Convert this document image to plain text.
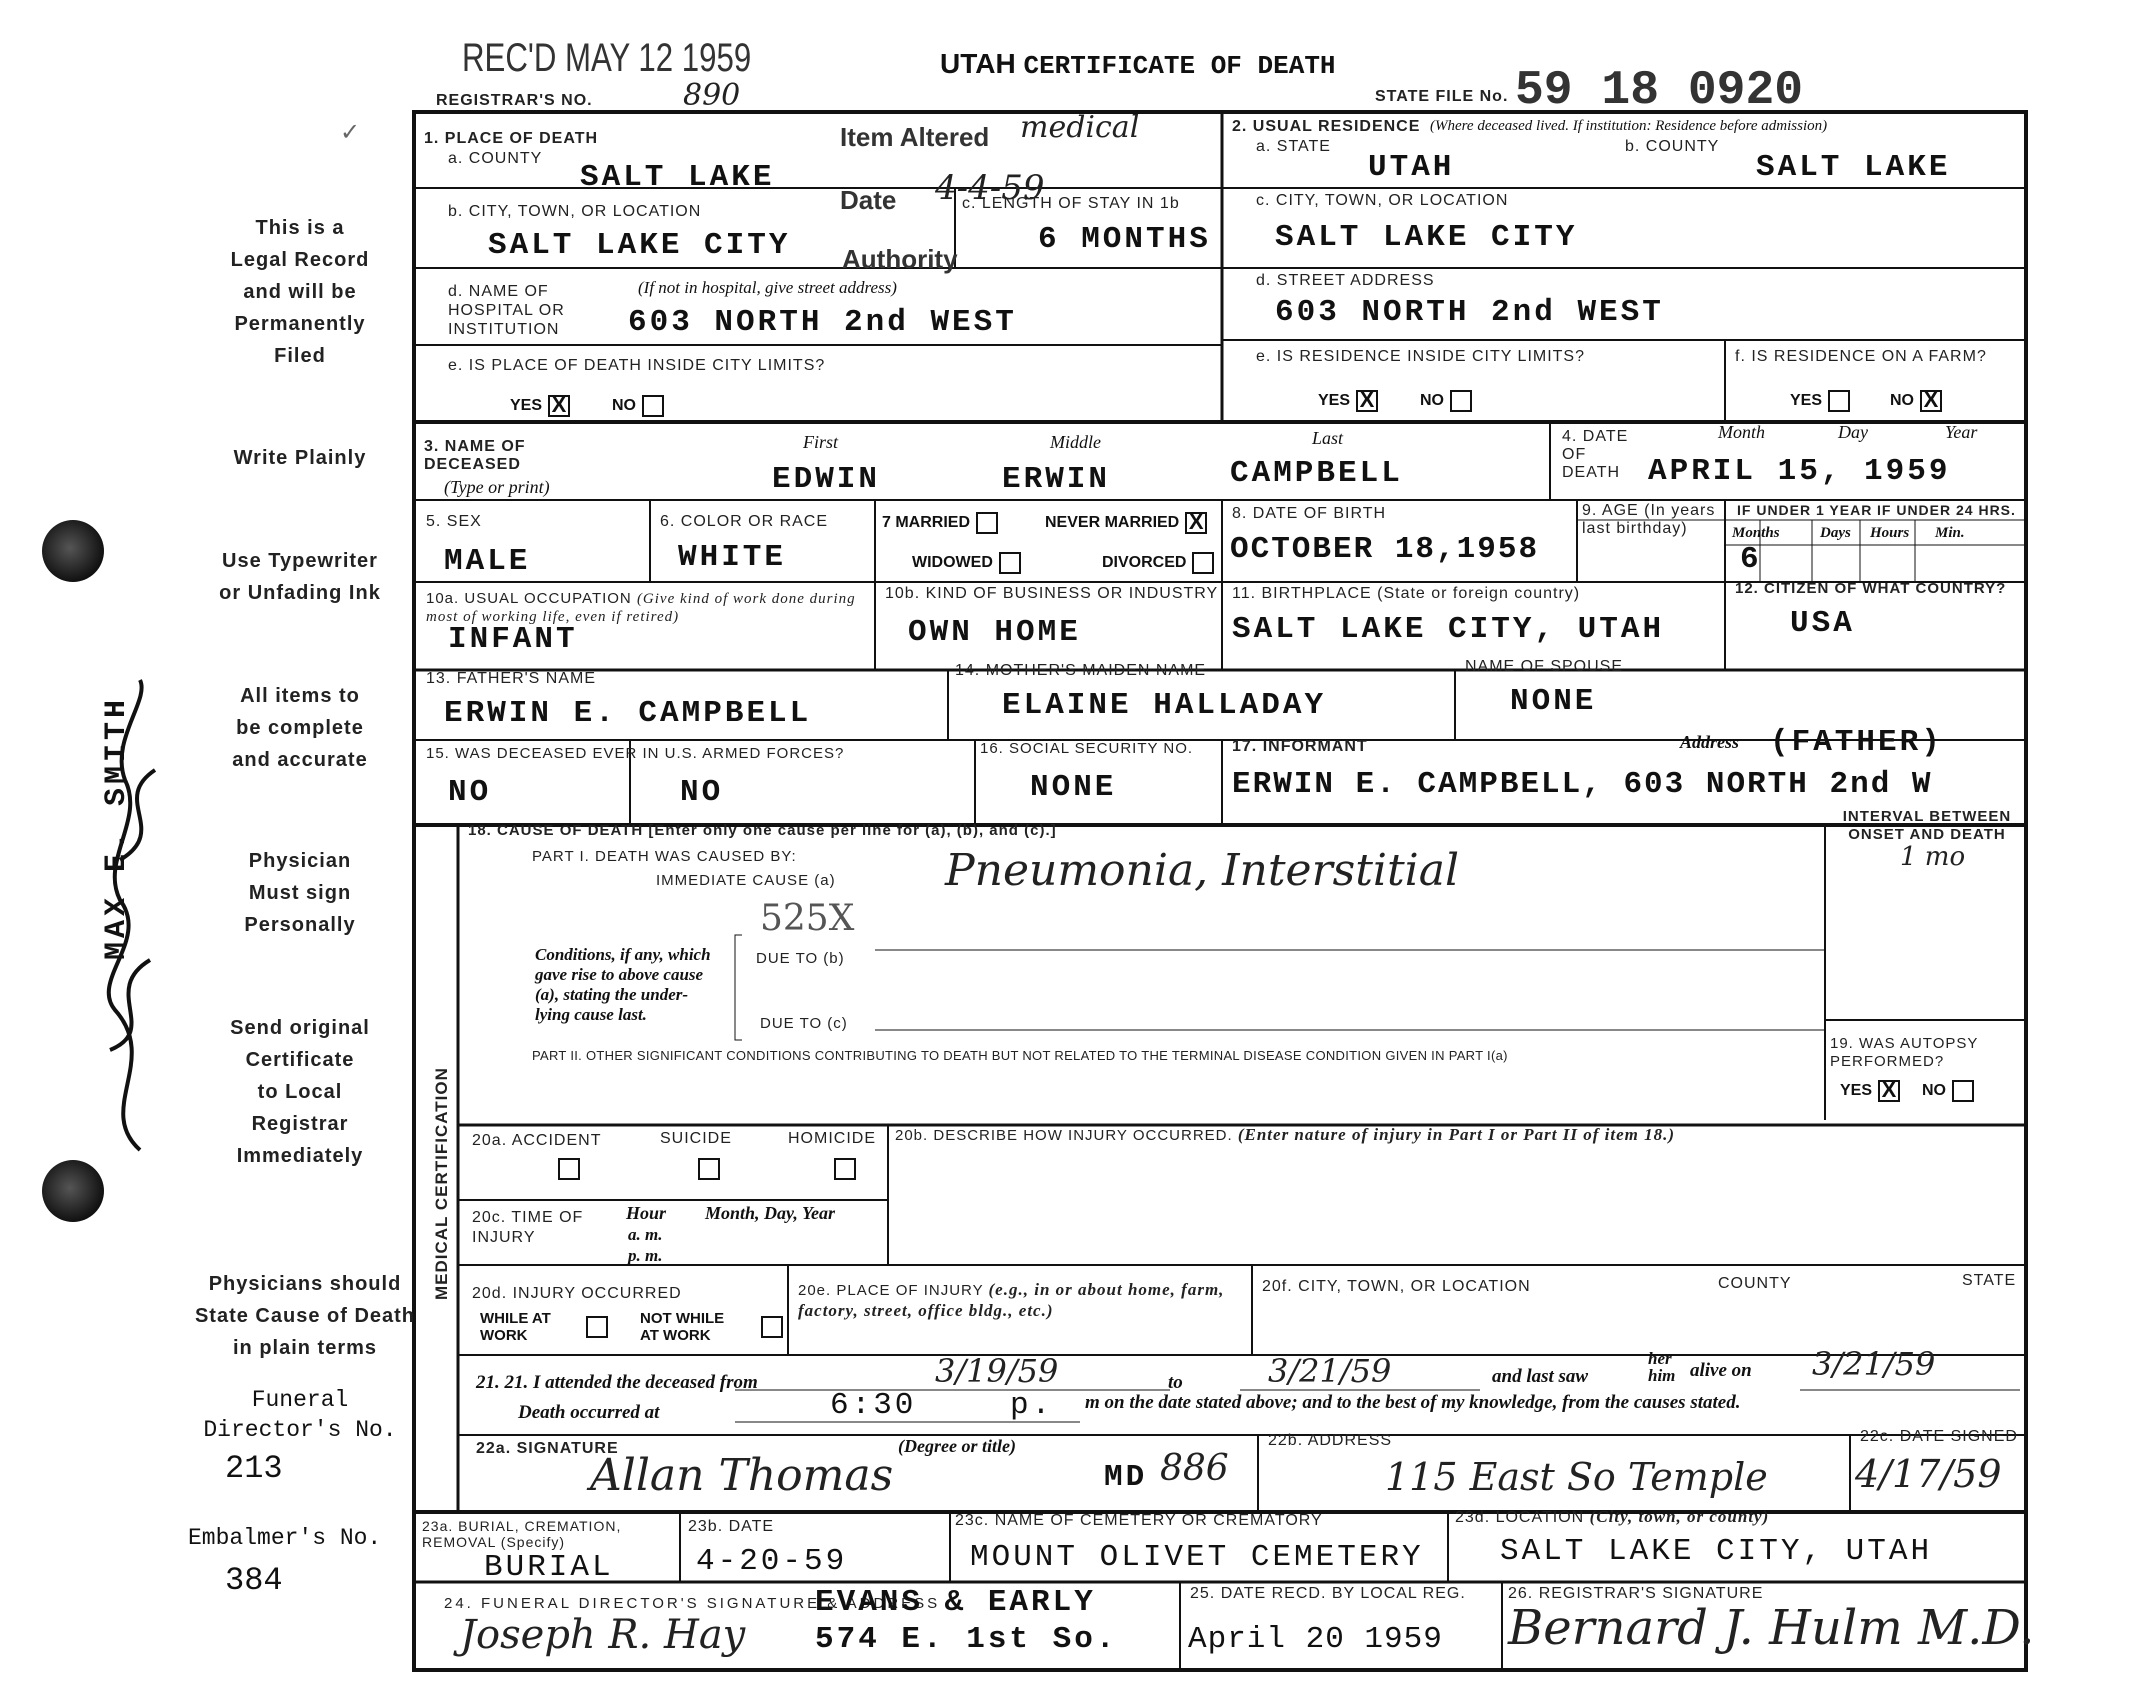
REC'D MAY 12 1959
REGISTRAR'S NO.	890
UTAH CERTIFICATE OF DEATH
STATE FILE No. 59 18 0920
✓
This is a
Legal Record
and will be
Permanently
Filed
Write Plainly
Use Typewriter
or Unfading Ink
All items to
be complete
and accurate
Physician
Must sign
Personally
Send original
Certificate
to Local
Registrar
Immediately
Physicians should
State Cause of Death
in plain terms
Funeral
Director's No.
213
Embalmer's No.
384
MAX E. SMITH
1. PLACE OF DEATH
a. COUNTY
SALT LAKE
Item Altered medical
Date 4-4-59
Authority
b. CITY, TOWN, OR LOCATION
SALT LAKE CITY
c. LENGTH OF STAY IN 1b
6 MONTHS
d. NAME OF HOSPITAL OR INSTITUTION
(If not in hospital, give street address)
603 NORTH 2nd WEST
e. IS PLACE OF DEATH INSIDE CITY LIMITS?
YES X	NO
2. USUAL RESIDENCE (Where deceased lived. If institution: Residence before admission)
a. STATE
UTAH
b. COUNTY
SALT LAKE
c. CITY, TOWN, OR LOCATION
SALT LAKE CITY
d. STREET ADDRESS
603 NORTH 2nd WEST
e. IS RESIDENCE INSIDE CITY LIMITS?
YES X	NO
f. IS RESIDENCE ON A FARM?
YES	NO X
3. NAME OF DECEASED
(Type or print)
First	Middle	Last
EDWIN	ERWIN	CAMPBELL
4. DATE OF DEATH
Month	Day	Year
APRIL 15, 1959
5. SEX
MALE
6. COLOR OR RACE
WHITE
7 MARRIED	NEVER MARRIED X
WIDOWED	DIVORCED
8. DATE OF BIRTH
OCTOBER 18,1958
9. AGE (In years last birthday)
IF UNDER 1 YEAR IF UNDER 24 HRS.
Months	Days Hours Min.
6
10a. USUAL OCCUPATION (Give kind of work done during most of working life, even if retired)
INFANT
10b. KIND OF BUSINESS OR INDUSTRY
OWN HOME
11. BIRTHPLACE (State or foreign country)
SALT LAKE CITY, UTAH
12. CITIZEN OF WHAT COUNTRY?
USA
13. FATHER'S NAME
ERWIN E. CAMPBELL
14. MOTHER'S MAIDEN NAME
ELAINE HALLADAY
NAME OF SPOUSE
NONE
15. WAS DECEASED EVER IN U.S. ARMED FORCES?
NO	NO
16. SOCIAL SECURITY NO.
NONE
17. INFORMANT	Address (FATHER)
ERWIN E. CAMPBELL, 603 NORTH 2nd W
MEDICAL CERTIFICATION
18. CAUSE OF DEATH [Enter only one cause per line for (a), (b), and (c).]
PART I. DEATH WAS CAUSED BY:
IMMEDIATE CAUSE (a) Pneumonia, Interstitial
525X
INTERVAL BETWEEN ONSET AND DEATH
1 mo
Conditions, if any, which gave rise to above cause (a), stating the under-lying cause last.
DUE TO (b)
DUE TO (c)
PART II. OTHER SIGNIFICANT CONDITIONS CONTRIBUTING TO DEATH BUT NOT RELATED TO THE TERMINAL DISEASE CONDITION GIVEN IN PART I(a)
19. WAS AUTOPSY PERFORMED?
YES X NO
20a. ACCIDENT	SUICIDE	HOMICIDE 20b. DESCRIBE HOW INJURY OCCURRED. (Enter nature of injury in Part I or Part II of item 18.)
20c. TIME OF INJURY
Hour
a. m.
p. m.
Month, Day, Year
20d. INJURY OCCURRED
WHILE AT WORK
NOT WHILE AT WORK
20e. PLACE OF INJURY (e.g., in or about home, farm, factory, street, office bldg., etc.)
20f. CITY, TOWN, OR LOCATION	COUNTY	STATE
21. 21. I attended the deceased from	3/19/59	to	3/21/59	and last saw
her him alive on 3/21/59
Death occurred at	6:30	p. m on the date stated above; and to the best of my knowledge, from the causes stated.
22a. SIGNATURE	(Degree or title)
Allan Thomas	MD 886
22b. ADDRESS
115 East So Temple
22c. DATE SIGNED
4/17/59
23a. BURIAL, CREMATION, REMOVAL (Specify)
BURIAL
23b. DATE
4-20-59
23c. NAME OF CEMETERY OR CREMATORY
MOUNT OLIVET CEMETERY
23d. LOCATION (City, town, or county)
SALT LAKE CITY, UTAH
24. FUNERAL DIRECTOR'S SIGNATURE & ADDRESS
EVANS & EARLY
574 E. 1st So.
Joseph R. Hay
25. DATE RECD. BY LOCAL REG.
April 20 1959
26. REGISTRAR'S SIGNATURE
Bernard J. Hulm M.D.
